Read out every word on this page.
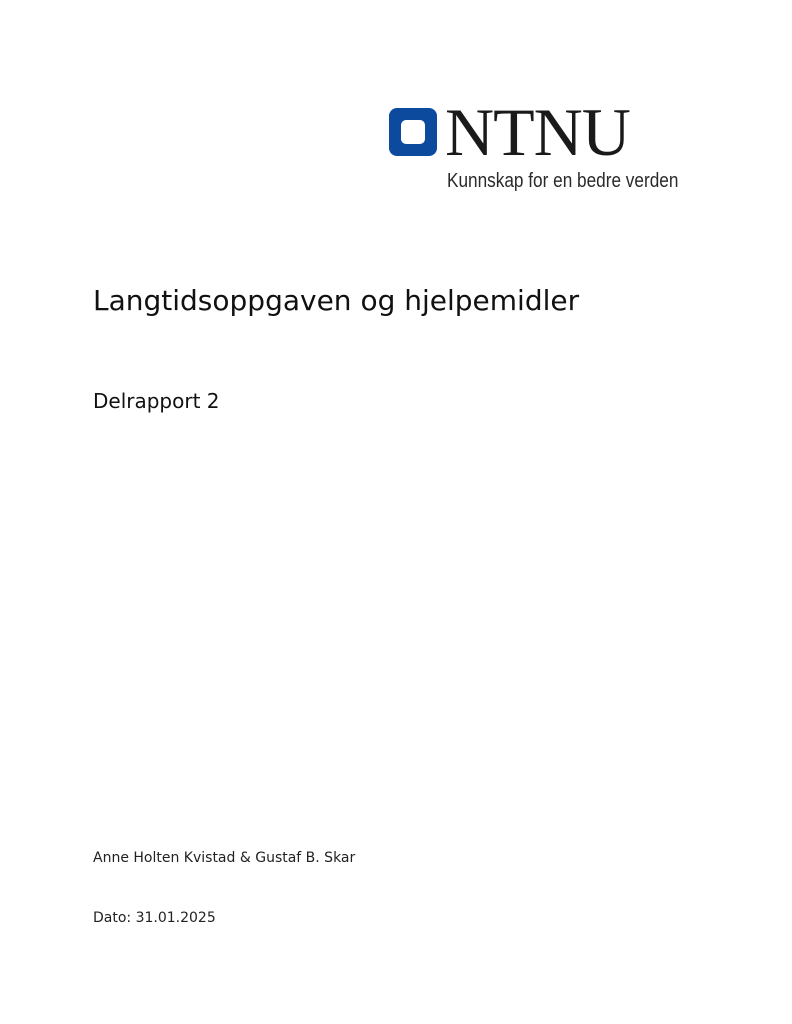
NTNU
Kunnskap for en bedre verden
Langtidsoppgaven og hjelpemidler
Delrapport 2
Anne Holten Kvistad & Gustaf B. Skar
Dato: 31.01.2025
